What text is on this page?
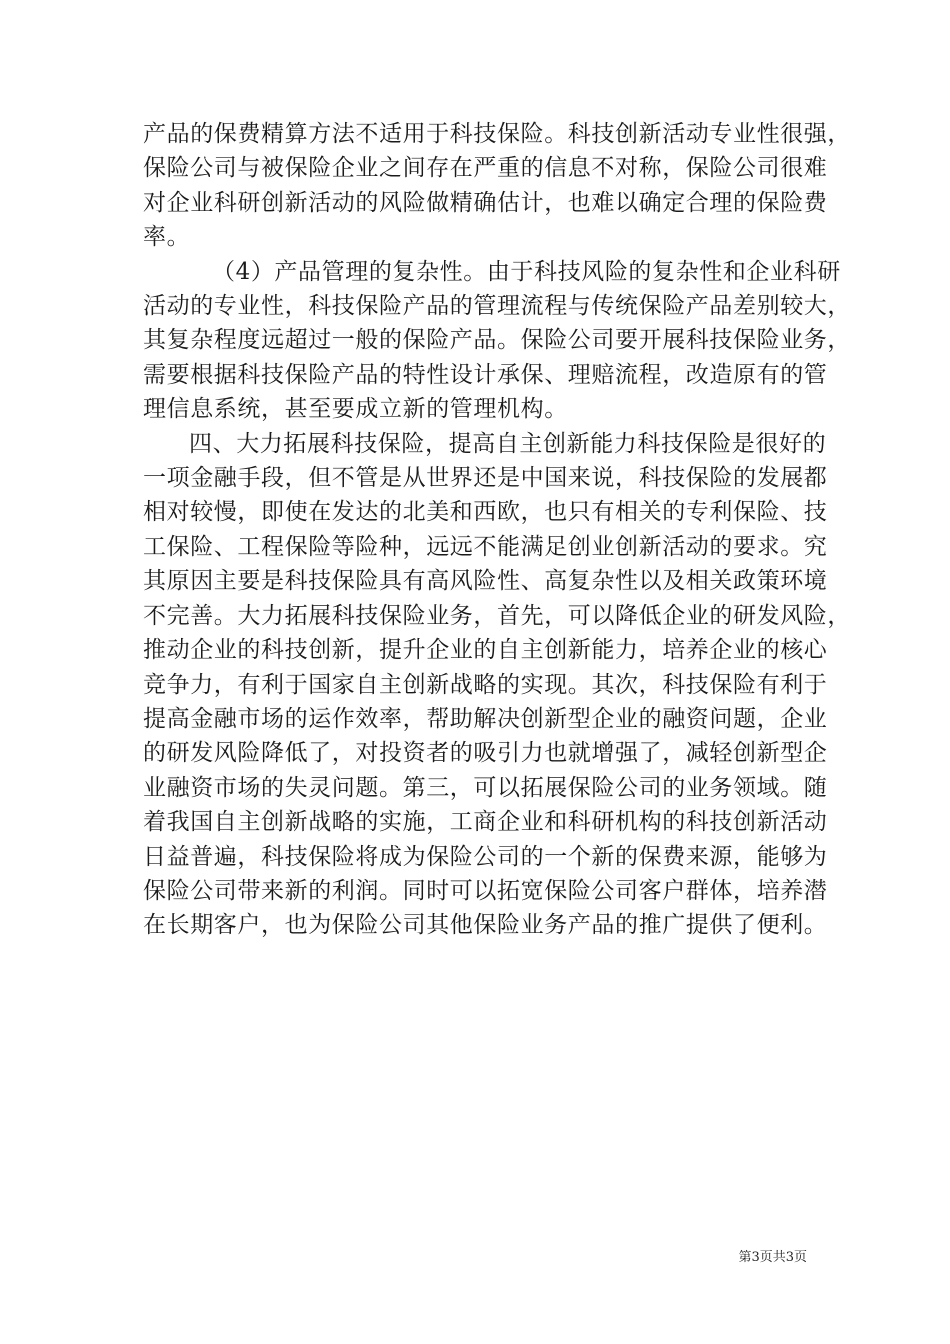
产品的保费精算方法不适用于科技保险。科技创新活动专业性很强，
保险公司与被保险企业之间存在严重的信息不对称，保险公司很难
对企业科研创新活动的风险做精确估计，也难以确定合理的保险费
率。

（4）产品管理的复杂性。由于科技风险的复杂性和企业科研
活动的专业性，科技保险产品的管理流程与传统保险产品差别较大，
其复杂程度远超过一般的保险产品。保险公司要开展科技保险业务，
需要根据科技保险产品的特性设计承保、理赔流程，改造原有的管
理信息系统，甚至要成立新的管理机构。

四、大力拓展科技保险，提高自主创新能力科技保险是很好的
一项金融手段，但不管是从世界还是中国来说，科技保险的发展都
相对较慢，即使在发达的北美和西欧，也只有相关的专利保险、技
工保险、工程保险等险种，远远不能满足创业创新活动的要求。究
其原因主要是科技保险具有高风险性、高复杂性以及相关政策环境
不完善。大力拓展科技保险业务，首先，可以降低企业的研发风险，
推动企业的科技创新，提升企业的自主创新能力，培养企业的核心
竞争力，有利于国家自主创新战略的实现。其次，科技保险有利于
提高金融市场的运作效率，帮助解决创新型企业的融资问题，企业
的研发风险降低了，对投资者的吸引力也就增强了，减轻创新型企
业融资市场的失灵问题。第三，可以拓展保险公司的业务领域。随
着我国自主创新战略的实施，工商企业和科研机构的科技创新活动
日益普遍，科技保险将成为保险公司的一个新的保费来源，能够为
保险公司带来新的利润。同时可以拓宽保险公司客户群体，培养潜
在长期客户，也为保险公司其他保险业务产品的推广提供了便利。

第3页共3页
